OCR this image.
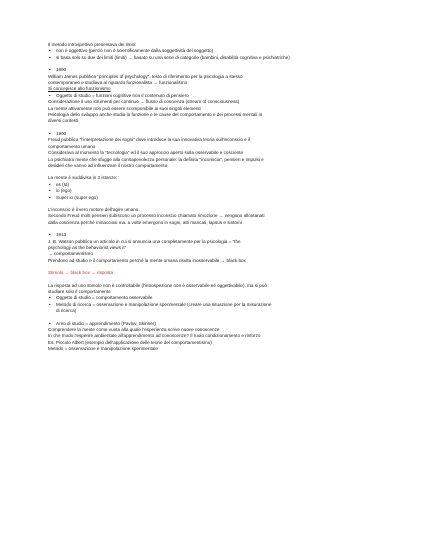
Il metodo introspettivo presentava dei limiti:

• non è oggettivo (perciò non è scientificamente dalla soggettività del soggetto)

• si basa solo su due dei limiti (limiti) → basato su una serie di categorie (bambini, disabilità cognitiva e psichiatriche)

• 1890

William James pubblica "principles of psychology", testo di riferimento per la psicologia a stesso

contemporaneo e studiava al riguardo funzionalista → funzionalismo

Si concepisce allo funzionismo

• Oggetto di studio = funzioni cognitive non il contenuto di pensiero

Considerazione il uso strumenti per continuo → flusso di coscienza (stream of consciousness)

La mente attivamente non può essere scomponibile ai suoi singoli elementi

Psicologia dello sviluppo anche studia la funzione e le cause del comportamento e dei processi mentali in

diversi contesti

• 1900

Freud pubblica "l'interpretazione dei sogni" dove introduce la sua innovativa teoria sull'inconscio e il

comportamento umano

Considerava al momento la "tecnologia" ed il suo approccio aperto sulla osservabile e cosciente

Lo psichiatra mente che sfugge alla consapevolezza personale: la definita "inconscia", pensieri e impulsi e

desideri che vanno ad influenzare il nostro comportamento

La mente è suddivisa in 3 istanze:

• es (Id)

• io (ego)

• Super io (super ego)

L'inconscio è il vero motore dell'agire umano.

Secondo Freud molti pensieri subiscono un processo inconscio chiamato rimozione → vengono allontanati

dalla coscienza perché minacciosi ma. a volte emergono in sogni, atti mancati, lapsus e sintomi

• 1913

J. B. Watson pubblica un articolo in cui si annuncia una completamente per la psicologia = "the

psychology as the behaviorist views it"

→ comportamentismo

Prendono ad studio e il comportamento perché la mente umana risulta inosservabile → black box

Stimolo → black box → risposta

La risposta ad uno stimolo non è controllabile (l'introspezione non è osservabile né oggettivabile), ma si può

studiare solo il comportamento

• Oggetto di studio = comportamento osservabile

• Metodo di ricerca = osservazione e manipolazione sperimentale (creare una situazione per la misurazione

di ricerca)

• Areo di studio = apprendimento (Pavlov, Skinner)

Comprendere la mente come vuota alla quale l'esperienza scrive nuove conoscenze

In che modo l'esperire ambientale all'apprendimento ad conoscenze? Il ruolo condizionamento e rinforzo

Es. Piccolo Albert (esempio dell'applicazione delle teorie del comportamentismo)

Metodo = osservazione e manipolazione sperimentale
